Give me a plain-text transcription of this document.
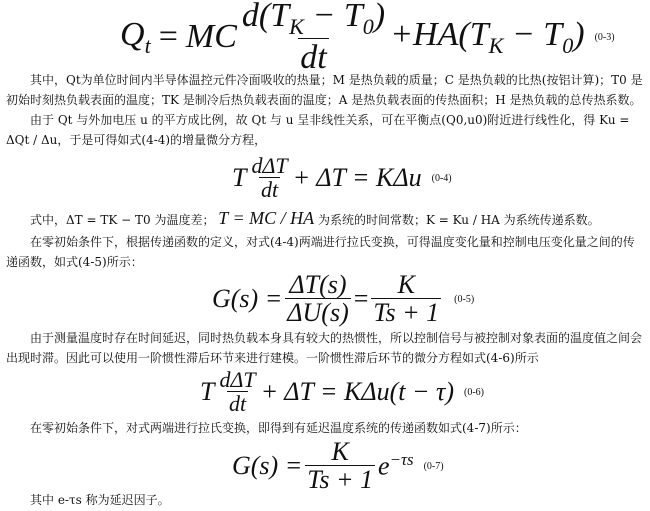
$Q_t$ = MC $\frac{d(T_K - T_0)}{dt} +HA(T_K - T_0)$ (0-3)
其中，Qt为单位时间内半导体温控元件冷面吸收的热量；M 是热负载的质量；C 是热负载的比热(按铝计算)；T0 是初始时刻热负载表面的温度；TK 是制冷后热负载表面的温度；A 是热负载表面的传热面积；H 是热负载的总传热系数。
由于 Qt 与外加电压 u 的平方成比例，故 Qt 与 u 呈非线性关系，可在平衡点(Q0,u0)附近进行线性化，得 Ku = ΔQt / Δu，于是可得如式(4-4)的增量微分方程，
T $\frac{\text{dΔT}}{dt} + \Delta T = K\Delta u$ (0-4)
式中，ΔT = TK − T0 为温度差； T = MC / HA 为系统的时间常数；K = Ku / HA 为系统传递系数。
在零初始条件下，根据传递函数的定义，对式(4-4)两端进行拉氏变换，可得温度变化量和控制电压变化量之间的传递函数，如式(4-5)所示：
$G(s) = \frac{\Delta T(s)}{\Delta U(s)} = \frac{K}{Ts + 1} (0-5)$
由于测量温度时存在时间延迟，同时热负载本身具有较大的热惯性，所以控制信号与被控制对象表面的温度值之间会出现时滞。因此可以使用一阶惯性滞后环节来进行建模。一阶惯性滞后环节的微分方程如式(4-6)所示
T $\frac{\text{dΔT}}{dt} + \Delta T = K\Delta u(t - \tau)$ (0-6)
在零初始条件下，对式两端进行拉氏变换，即得到有延迟温度系统的传递函数如式(4-7)所示：
$G(s) = \frac{K}{Ts + 1} e^{-\tau s}$ (0-7)
其中 e-τs 称为延迟因子。
